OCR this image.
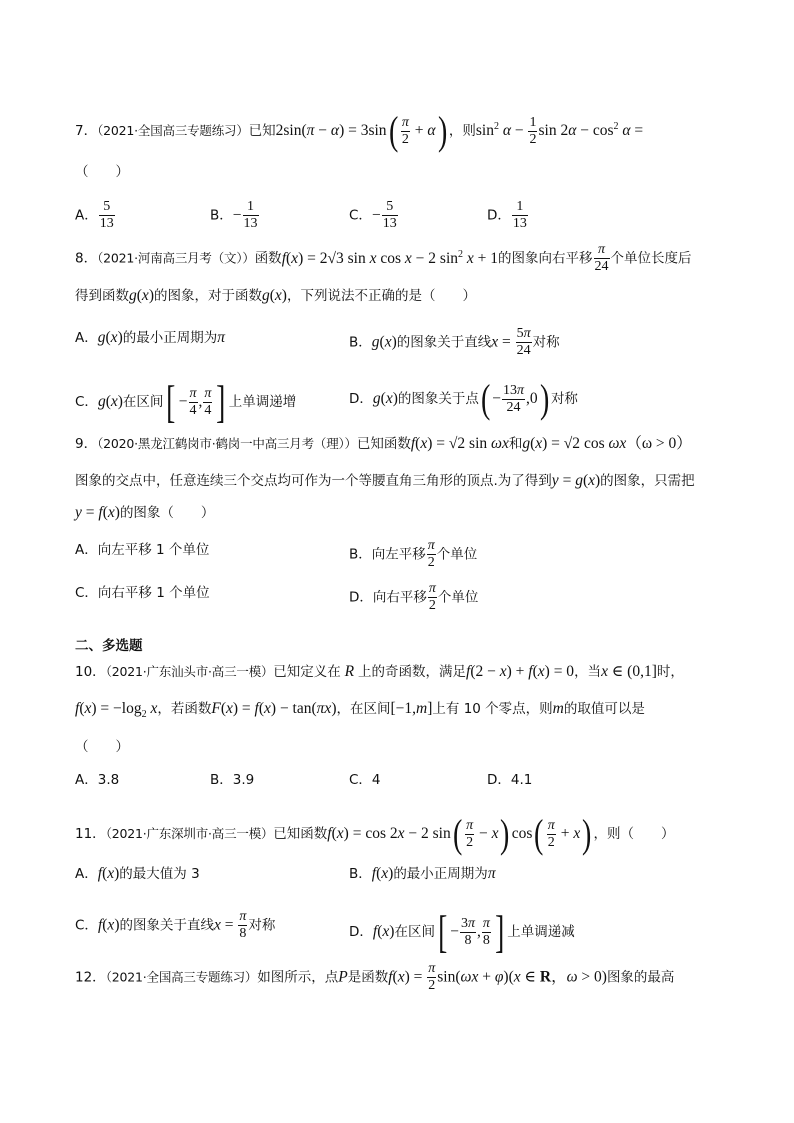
7．（2021·全国高三专题练习）已知$2\sin(\pi - \alpha) = 3\sin( \frac{\pi}{2} + \alpha)$ ，则$\sin^2 \alpha - \frac{1}{2}$ $\sin 2\alpha - \cos^2 \alpha$ =
（　　）
A． $\frac{5}{13}$	B．− $\frac{1}{13}$	C．− $\frac{5}{13}$	D． $\frac{1}{13}$
8．（2021·河南高三月考（文））函数f(x) = 2√3 sin x cos x − 2 $\sin^2 x + 1$的图象向右平移 $\frac{\pi}{24}$ 个单位长度后
得到函数g(x)的图象，对于函数g(x)，下列说法不正确的是（　　）
A．g(x)的最小正周期为π	B．g(x)的图象关于直线$x = \frac{5\pi}{24}$ 对称
C．g(x)在区间[ − $\frac{\pi}{4}$ , $\frac{\pi}{4}$ ] 上单调递增	D．g(x)的图象关于点( − $\frac{13\pi}{24} ,0$) 对称
9．（2020·黑龙江鹤岗市·鹤岗一中高三月考（理））已知函数f(x) = √2 sin ωx和g(x) = √2 cos ωx（ω > 0）
图象的交点中，任意连续三个交点均可作为一个等腰直角三角形的顶点.为了得到y = g(x)的图象，只需把
y = f(x)的图象（　　）
A．向左平移 1 个单位	B．向左平移 $\frac{\pi}{2}$ 个单位
C．向右平移 1 个单位	D．向右平移 $\frac{\pi}{2}$ 个单位
二、多选题
10．（2021·广东汕头市·高三一模）已知定义在 R 上的奇函数，满足f(2 − x) + f(x) = 0，当x ∈ (0,1]时，
$f(x) = -\log_2$ x，若函数F(x) = f(x) − tan(πx)，在区间[−1,m]上有 10 个零点，则m的取值可以是
（　　）
A．3.8	B．3.9	C．4	D．4.1
11．（2021·广东深圳市·高三一模）已知函数f(x) = cos 2x − 2 $\sin( \frac{\pi}{2} - x)$ $\cos( \frac{\pi}{2} + x)$ ，则（　　）
A．f(x)的最大值为 3	B．f(x)的最小正周期为π
C．f(x)的图象关于直线$x = \frac{\pi}{8}$ 对称	D．f(x)在区间[ − $\frac{3\pi}{8}$ , $\frac{\pi}{8}$ ] 上单调递减
12．（2021·全国高三专题练习）如图所示，点P是函数$f(x) = \frac{\pi}{2} \sin(\omega x + \varphi)(x$ ∈ R，ω > 0)图象的最高
